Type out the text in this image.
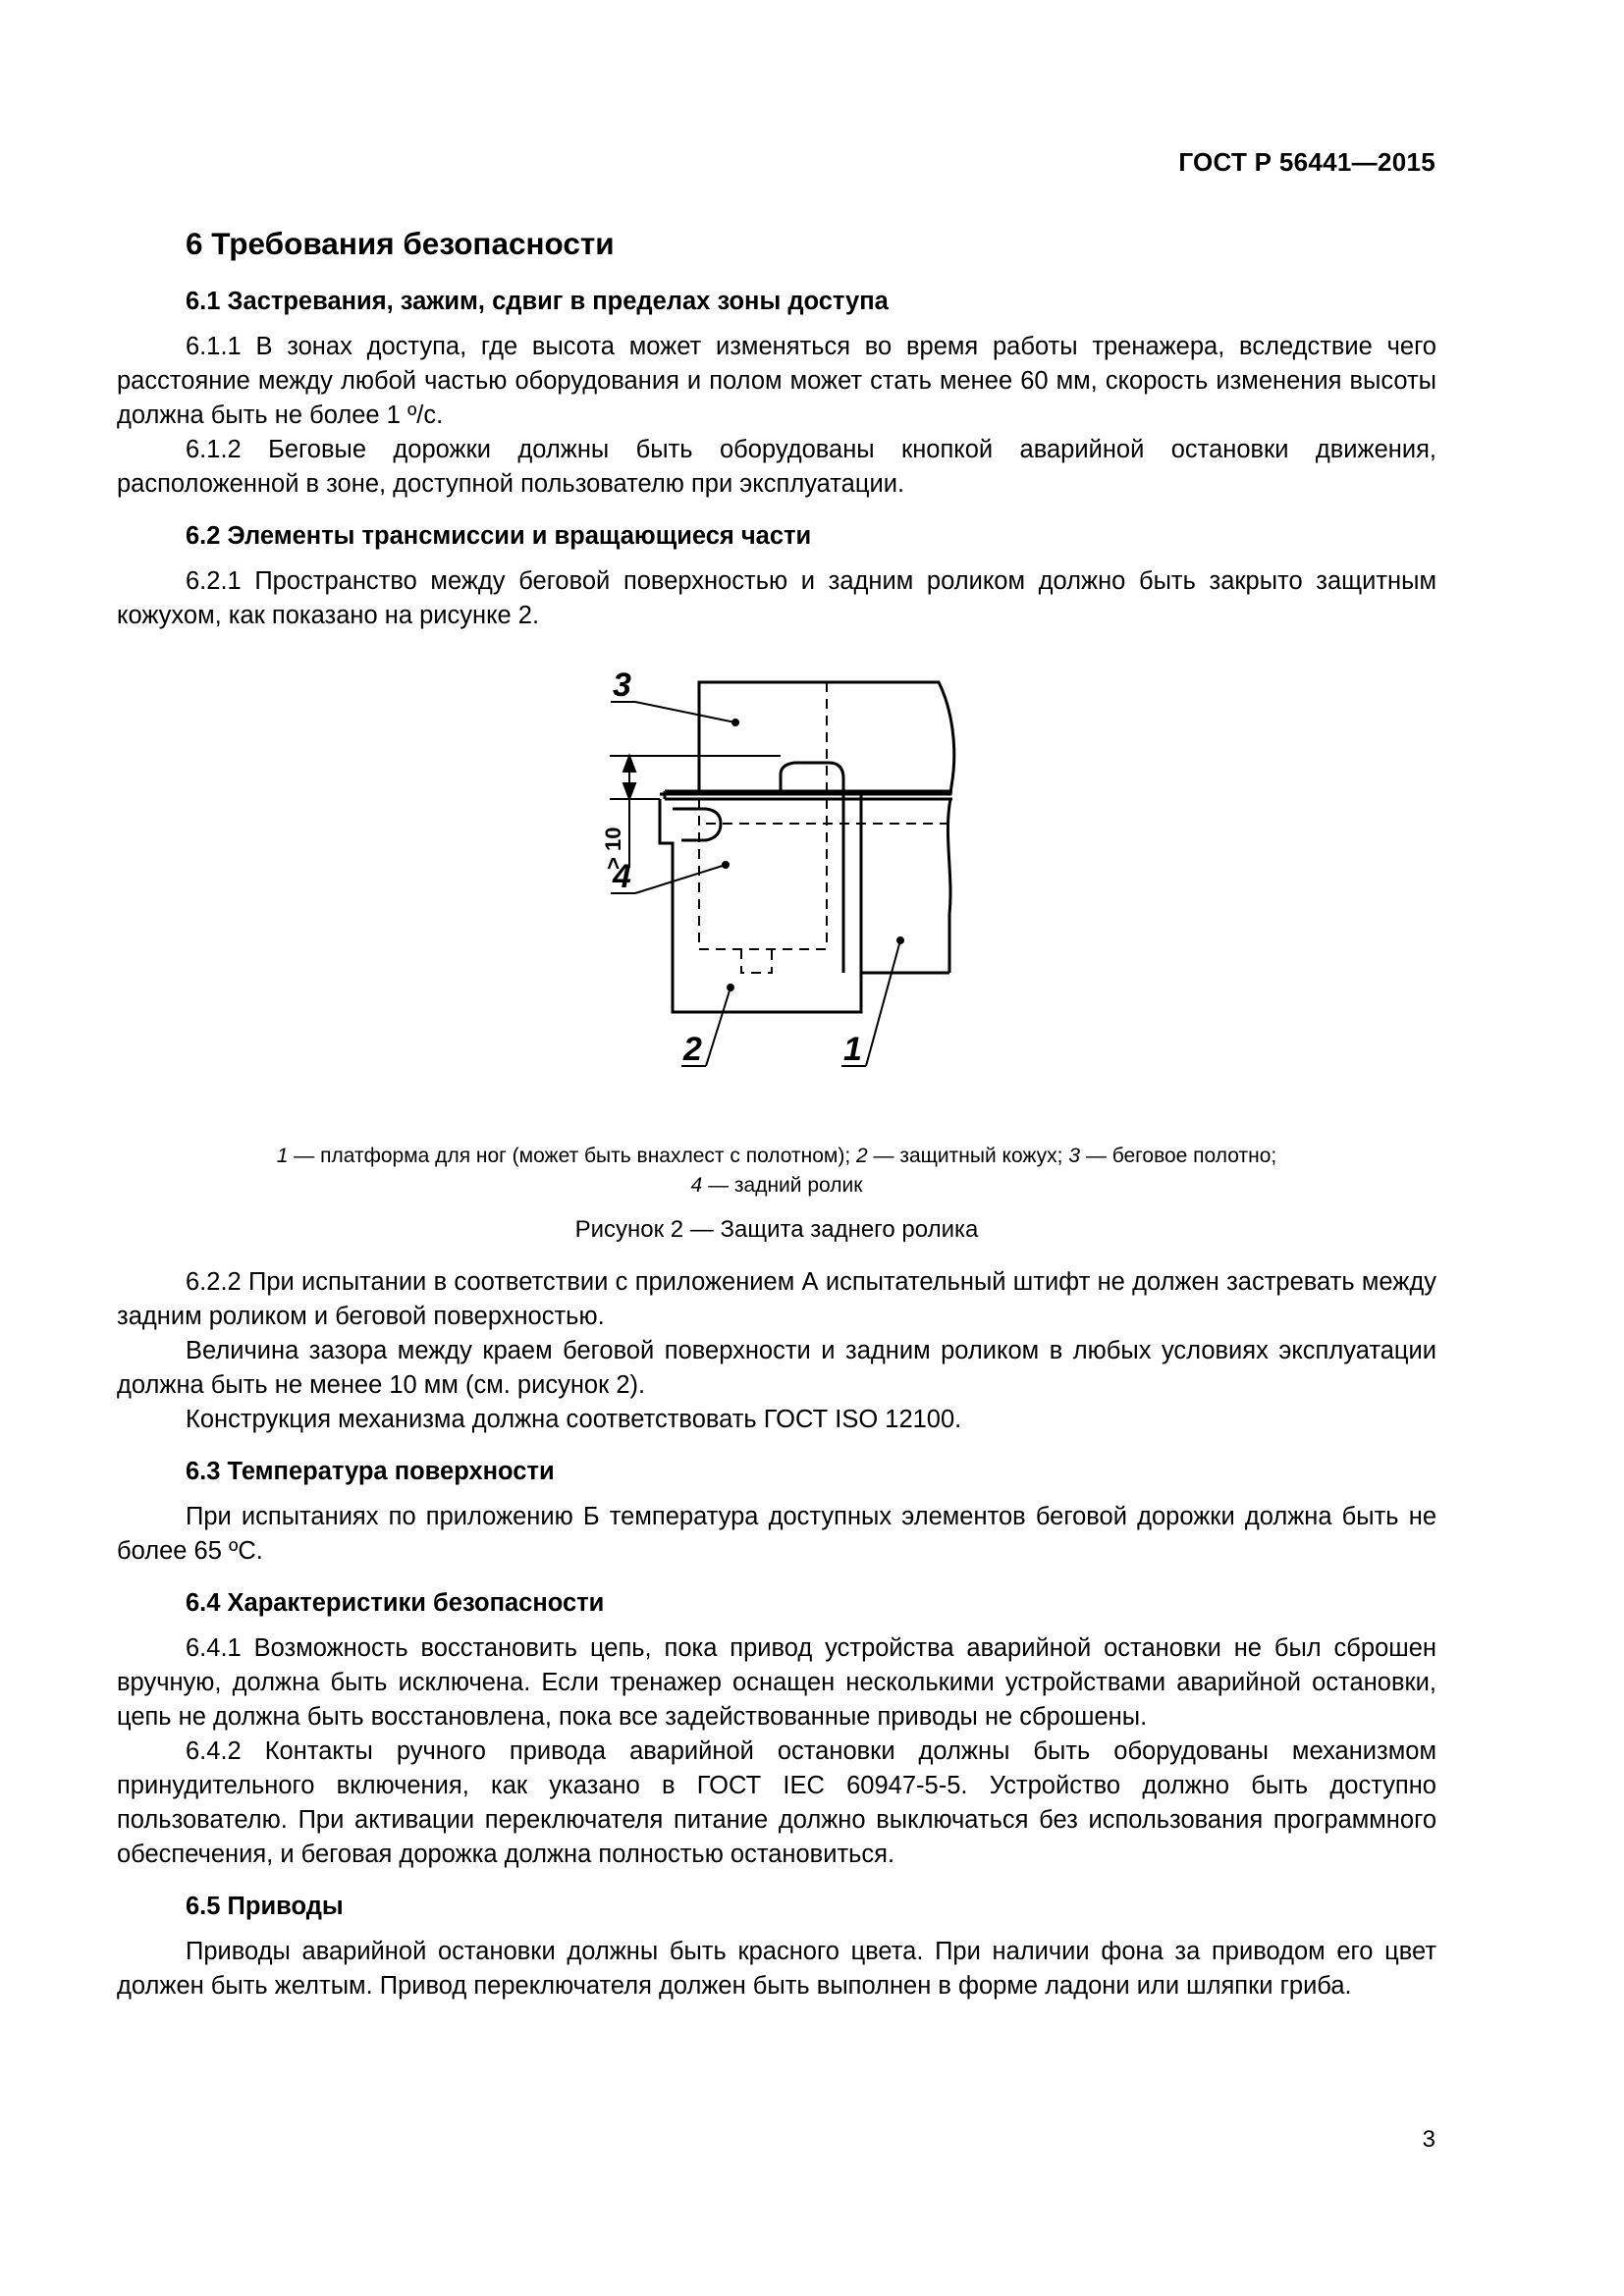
ГОСТ Р 56441—2015
6 Требования безопасности
6.1 Застревания, зажим, сдвиг в пределах зоны доступа

6.1.1 В зонах доступа, где высота может изменяться во время работы тренажера, вследствие чего расстояние между любой частью оборудования и полом может стать менее 60 мм, скорость изменения высоты должна быть не более 1 º/с.

6.1.2 Беговые дорожки должны быть оборудованы кнопкой аварийной остановки движения, расположенной в зоне, доступной пользователю при эксплуатации.

6.2 Элементы трансмиссии и вращающиеся части

6.2.1 Пространство между беговой поверхностью и задним роликом должно быть закрыто защитным кожухом, как показано на рисунке 2.

> 10
3
4
2	1
1 — платформа для ног (может быть внахлест с полотном); 2 — защитный кожух; 3 — беговое полотно;
4 — задний ролик
Рисунок 2 — Защита заднего ролика

6.2.2 При испытании в соответствии с приложением А испытательный штифт не должен застревать между задним роликом и беговой поверхностью.

Величина зазора между краем беговой поверхности и задним роликом в любых условиях эксплуатации должна быть не менее 10 мм (см. рисунок 2).

Конструкция механизма должна соответствовать ГОСТ ISO 12100.

6.3 Температура поверхности

При испытаниях по приложению Б температура доступных элементов беговой дорожки должна быть не более 65 ºС.

6.4 Характеристики безопасности

6.4.1 Возможность восстановить цепь, пока привод устройства аварийной остановки не был сброшен вручную, должна быть исключена. Если тренажер оснащен несколькими устройствами аварийной остановки, цепь не должна быть восстановлена, пока все задействованные приводы не сброшены.

6.4.2 Контакты ручного привода аварийной остановки должны быть оборудованы механизмом принудительного включения, как указано в ГОСТ IEC 60947-5-5. Устройство должно быть доступно пользователю. При активации переключателя питание должно выключаться без использования программного обеспечения, и беговая дорожка должна полностью остановиться.

6.5 Приводы

Приводы аварийной остановки должны быть красного цвета. При наличии фона за приводом его цвет должен быть желтым. Привод переключателя должен быть выполнен в форме ладони или шляпки гриба.

3
